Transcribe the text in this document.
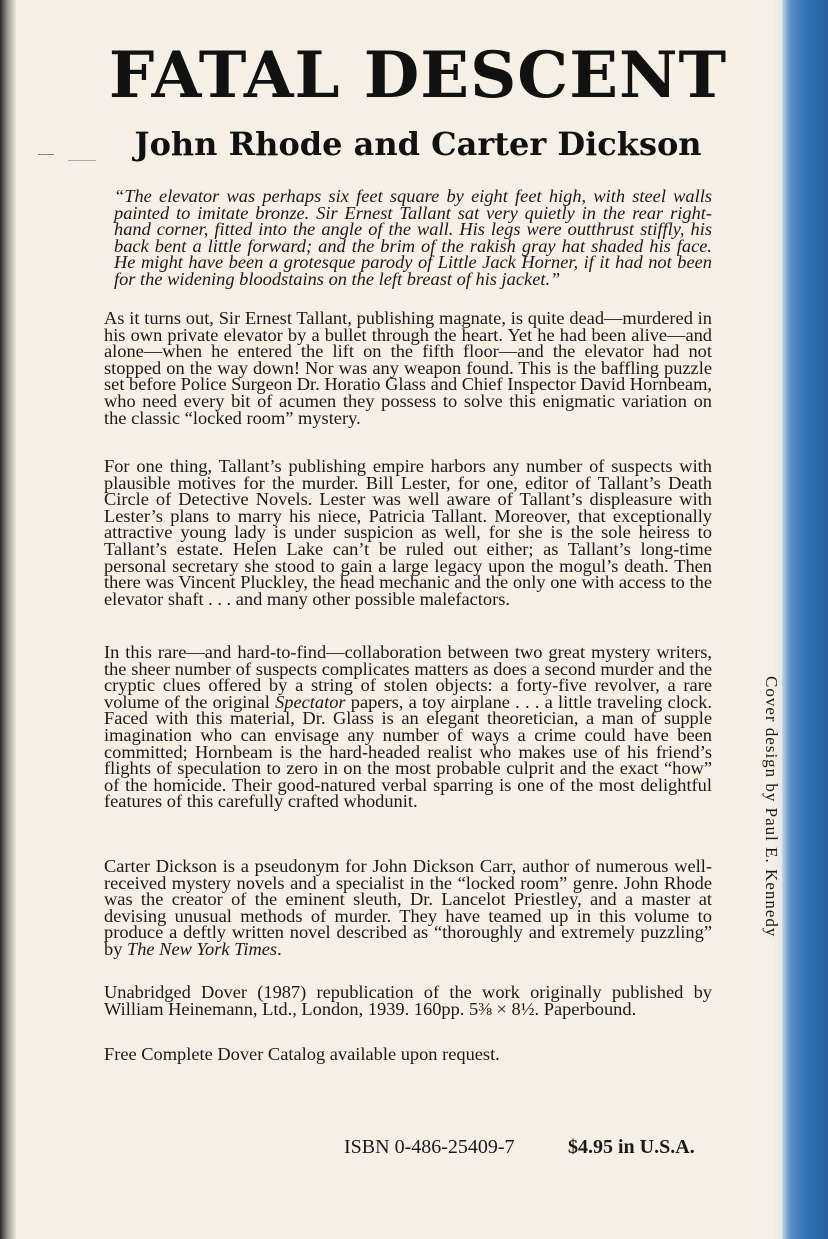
FATAL DESCENT
John Rhode and Carter Dickson

“The elevator was perhaps six feet square by eight feet high, with steel walls painted to imitate bronze. Sir Ernest Tallant sat very quietly in the rear right-hand corner, fitted into the angle of the wall. His legs were outthrust stiffly, his back bent a little forward; and the brim of the rakish gray hat shaded his face. He might have been a grotesque parody of Little Jack Horner, if it had not been for the widening bloodstains on the left breast of his jacket.”

As it turns out, Sir Ernest Tallant, publishing magnate, is quite dead—murdered in his own private elevator by a bullet through the heart. Yet he had been alive—and alone—when he entered the lift on the fifth floor—and the elevator had not stopped on the way down! Nor was any weapon found. This is the baffling puzzle set before Police Surgeon Dr. Horatio Glass and Chief Inspector David Hornbeam, who need every bit of acumen they possess to solve this enigmatic variation on the classic “locked room” mystery.

For one thing, Tallant’s publishing empire harbors any number of suspects with plausible motives for the murder. Bill Lester, for one, editor of Tallant’s Death Circle of Detective Novels. Lester was well aware of Tallant’s displeasure with Lester’s plans to marry his niece, Patricia Tallant. Moreover, that exceptionally attractive young lady is under suspicion as well, for she is the sole heiress to Tallant’s estate. Helen Lake can’t be ruled out either; as Tallant’s long-time personal secretary she stood to gain a large legacy upon the mogul’s death. Then there was Vincent Pluckley, the head mechanic and the only one with access to the elevator shaft . . . and many other possible malefactors.

In this rare—and hard-to-find—collaboration between two great mystery writers, the sheer number of suspects complicates matters as does a second murder and the cryptic clues offered by a string of stolen objects: a forty-five revolver, a rare volume of the original Spectator papers, a toy airplane . . . a little traveling clock. Faced with this material, Dr. Glass is an elegant theoretician, a man of supple imagination who can envisage any number of ways a crime could have been committed; Hornbeam is the hard-headed realist who makes use of his friend’s flights of speculation to zero in on the most probable culprit and the exact “how” of the homicide. Their good-natured verbal sparring is one of the most delightful features of this carefully crafted whodunit.

Carter Dickson is a pseudonym for John Dickson Carr, author of numerous well-received mystery novels and a specialist in the “locked room” genre. John Rhode was the creator of the eminent sleuth, Dr. Lancelot Priestley, and a master at devising unusual methods of murder. They have teamed up in this volume to produce a deftly written novel described as “thoroughly and extremely puzzling” by The New York Times.

Unabridged Dover (1987) republication of the work originally published by William Heinemann, Ltd., London, 1939. 160pp. 5⅜ × 8½. Paperbound.

Free Complete Dover Catalog available upon request.

Cover design by Paul E. Kennedy
ISBN 0-486-25409-7	$4.95 in U.S.A.
